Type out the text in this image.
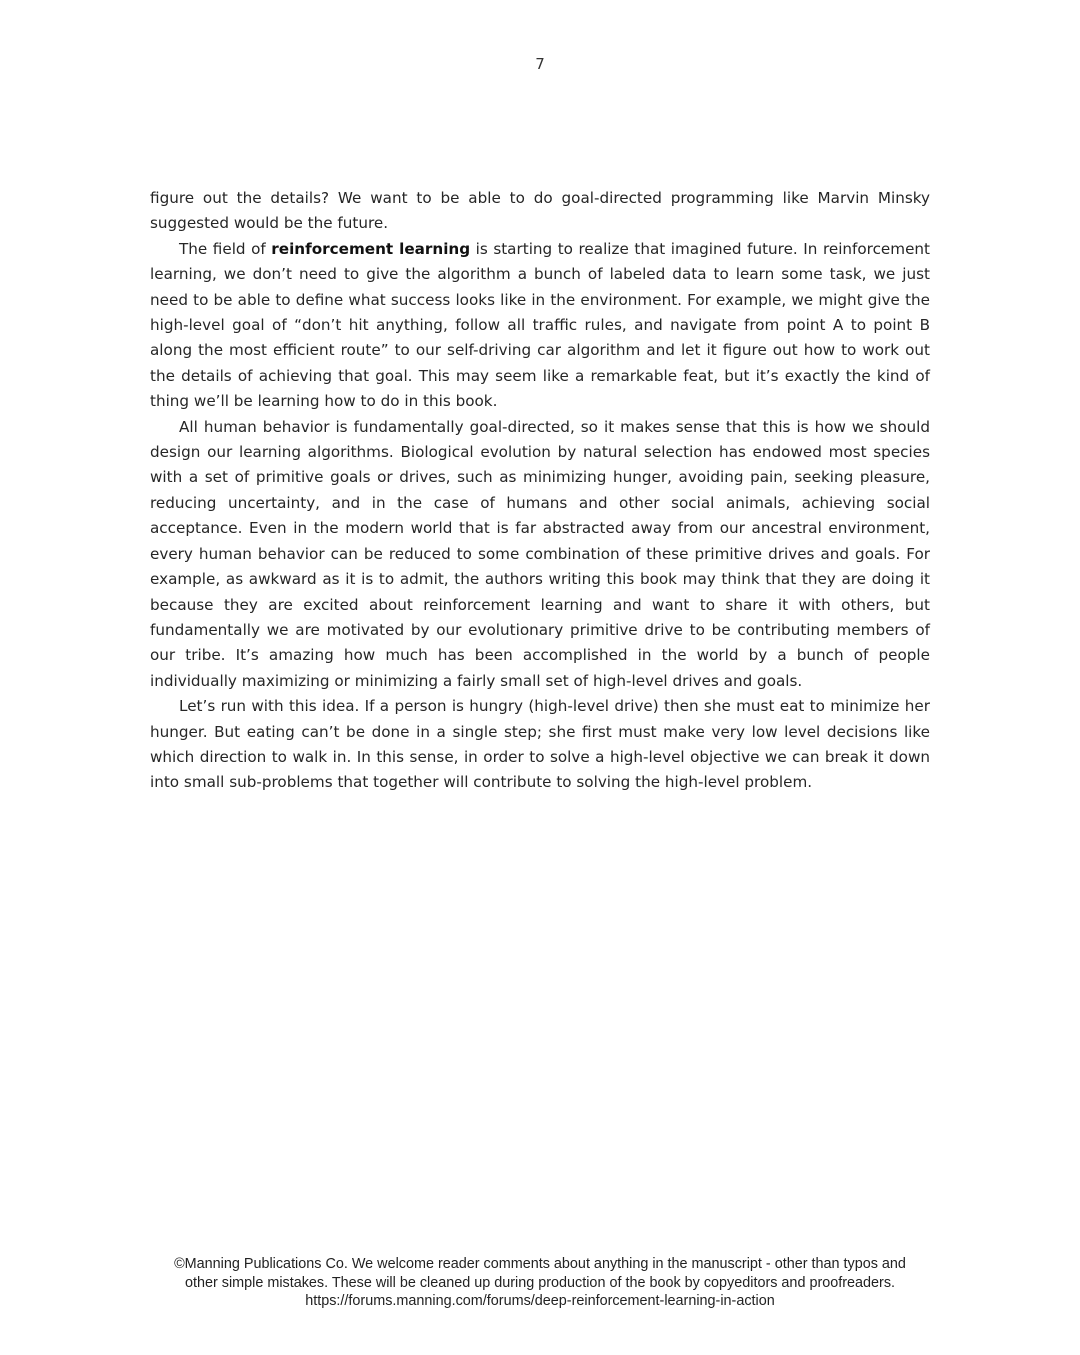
7

figure out the details? We want to be able to do goal-directed programming like Marvin Minsky suggested would be the future.

The field of reinforcement learning is starting to realize that imagined future. In reinforcement learning, we don’t need to give the algorithm a bunch of labeled data to learn some task, we just need to be able to define what success looks like in the environment. For example, we might give the high-level goal of “don’t hit anything, follow all traffic rules, and navigate from point A to point B along the most efficient route” to our self-driving car algorithm and let it figure out how to work out the details of achieving that goal. This may seem like a remarkable feat, but it’s exactly the kind of thing we’ll be learning how to do in this book.

All human behavior is fundamentally goal-directed, so it makes sense that this is how we should design our learning algorithms. Biological evolution by natural selection has endowed most species with a set of primitive goals or drives, such as minimizing hunger, avoiding pain, seeking pleasure, reducing uncertainty, and in the case of humans and other social animals, achieving social acceptance. Even in the modern world that is far abstracted away from our ancestral environment, every human behavior can be reduced to some combination of these primitive drives and goals. For example, as awkward as it is to admit, the authors writing this book may think that they are doing it because they are excited about reinforcement learning and want to share it with others, but fundamentally we are motivated by our evolutionary primitive drive to be contributing members of our tribe. It’s amazing how much has been accomplished in the world by a bunch of people individually maximizing or minimizing a fairly small set of high-level drives and goals.

Let’s run with this idea. If a person is hungry (high-level drive) then she must eat to minimize her hunger. But eating can’t be done in a single step; she first must make very low level decisions like which direction to walk in. In this sense, in order to solve a high-level objective we can break it down into small sub-problems that together will contribute to solving the high-level problem.

©Manning Publications Co. We welcome reader comments about anything in the manuscript - other than typos and
other simple mistakes. These will be cleaned up during production of the book by copyeditors and proofreaders.
https://forums.manning.com/forums/deep-reinforcement-learning-in-action
